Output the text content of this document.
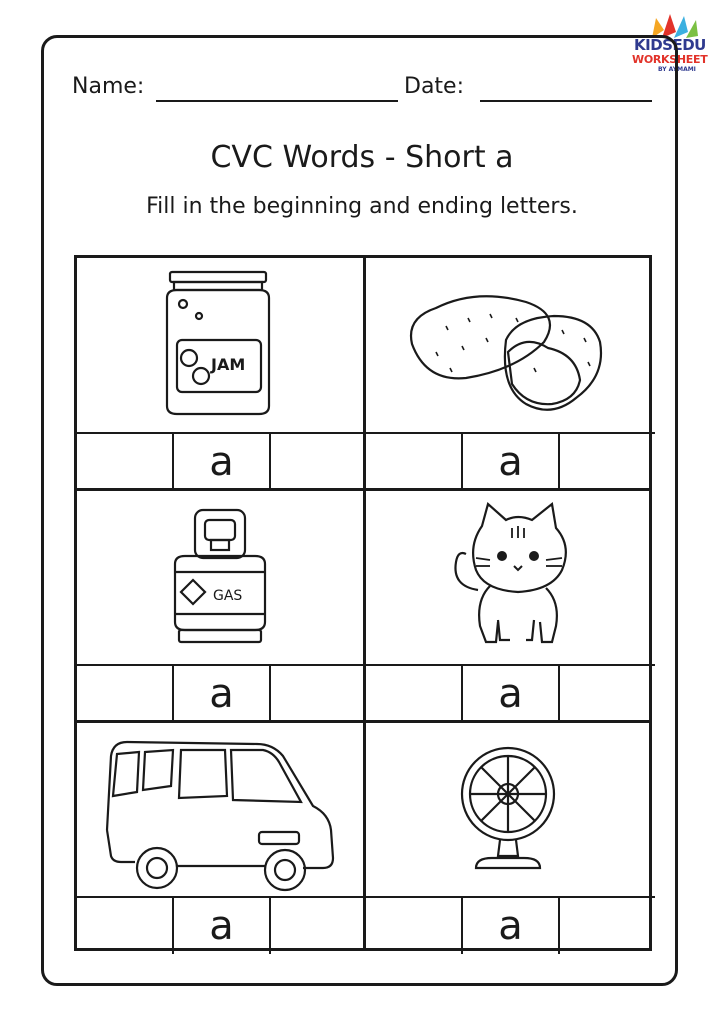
KIDSEDU
WORKSHEET
BY AYMAMI
Name:	Date:
CVC Words - Short a
Fill in the beginning and ending letters.
JAM
a	a
GAS
a	a
a	a
